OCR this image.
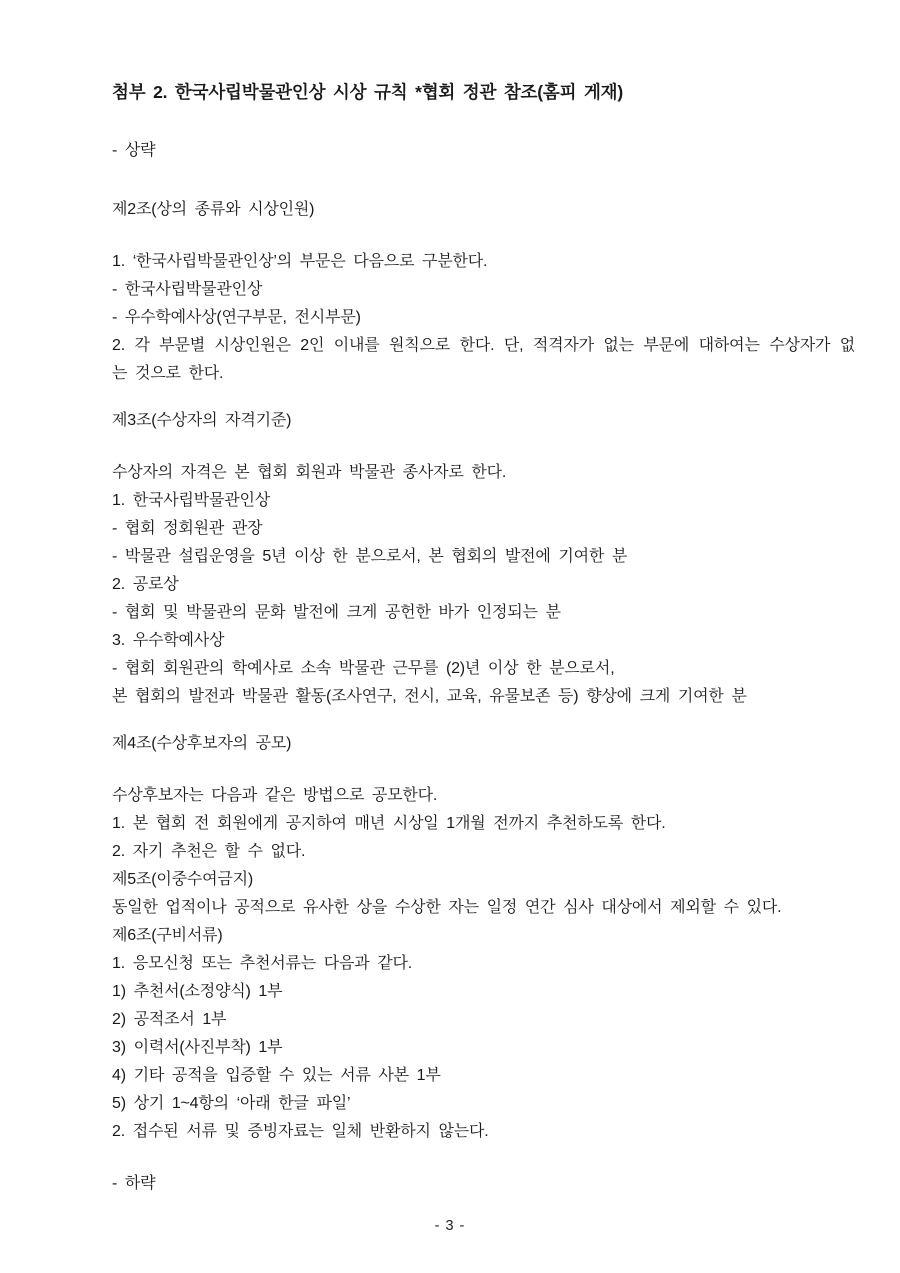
첨부 2. 한국사립박물관인상 시상 규칙 *협회 정관 참조(홈피 게재)
- 상략
제2조(상의 종류와 시상인원)
1. ‘한국사립박물관인상’의 부문은 다음으로 구분한다.
- 한국사립박물관인상
- 우수학예사상(연구부문, 전시부문)
2. 각 부문별 시상인원은 2인 이내를 원칙으로 한다. 단, 적격자가 없는 부문에 대하여는 수상자가 없
는 것으로 한다.
제3조(수상자의 자격기준)
수상자의 자격은 본 협회 회원과 박물관 종사자로 한다.
1. 한국사립박물관인상
- 협회 정회원관 관장
- 박물관 설립운영을 5년 이상 한 분으로서, 본 협회의 발전에 기여한 분
2. 공로상
- 협회 및 박물관의 문화 발전에 크게 공헌한 바가 인정되는 분
3. 우수학예사상
- 협회 회원관의 학예사로 소속 박물관 근무를 (2)년 이상 한 분으로서,
본 협회의 발전과 박물관 활동(조사연구, 전시, 교육, 유물보존 등) 향상에 크게 기여한 분
제4조(수상후보자의 공모)
수상후보자는 다음과 같은 방법으로 공모한다.
1. 본 협회 전 회원에게 공지하여 매년 시상일 1개월 전까지 추천하도록 한다.
2. 자기 추천은 할 수 없다.
제5조(이중수여금지)
동일한 업적이나 공적으로 유사한 상을 수상한 자는 일정 연간 심사 대상에서 제외할 수 있다.
제6조(구비서류)
1. 응모신청 또는 추천서류는 다음과 같다.
1) 추천서(소정양식) 1부
2) 공적조서 1부
3) 이력서(사진부착) 1부
4) 기타 공적을 입증할 수 있는 서류 사본 1부
5) 상기 1~4항의 ‘아래 한글 파일’
2. 접수된 서류 및 증빙자료는 일체 반환하지 않는다.
- 하략
- 3 -
